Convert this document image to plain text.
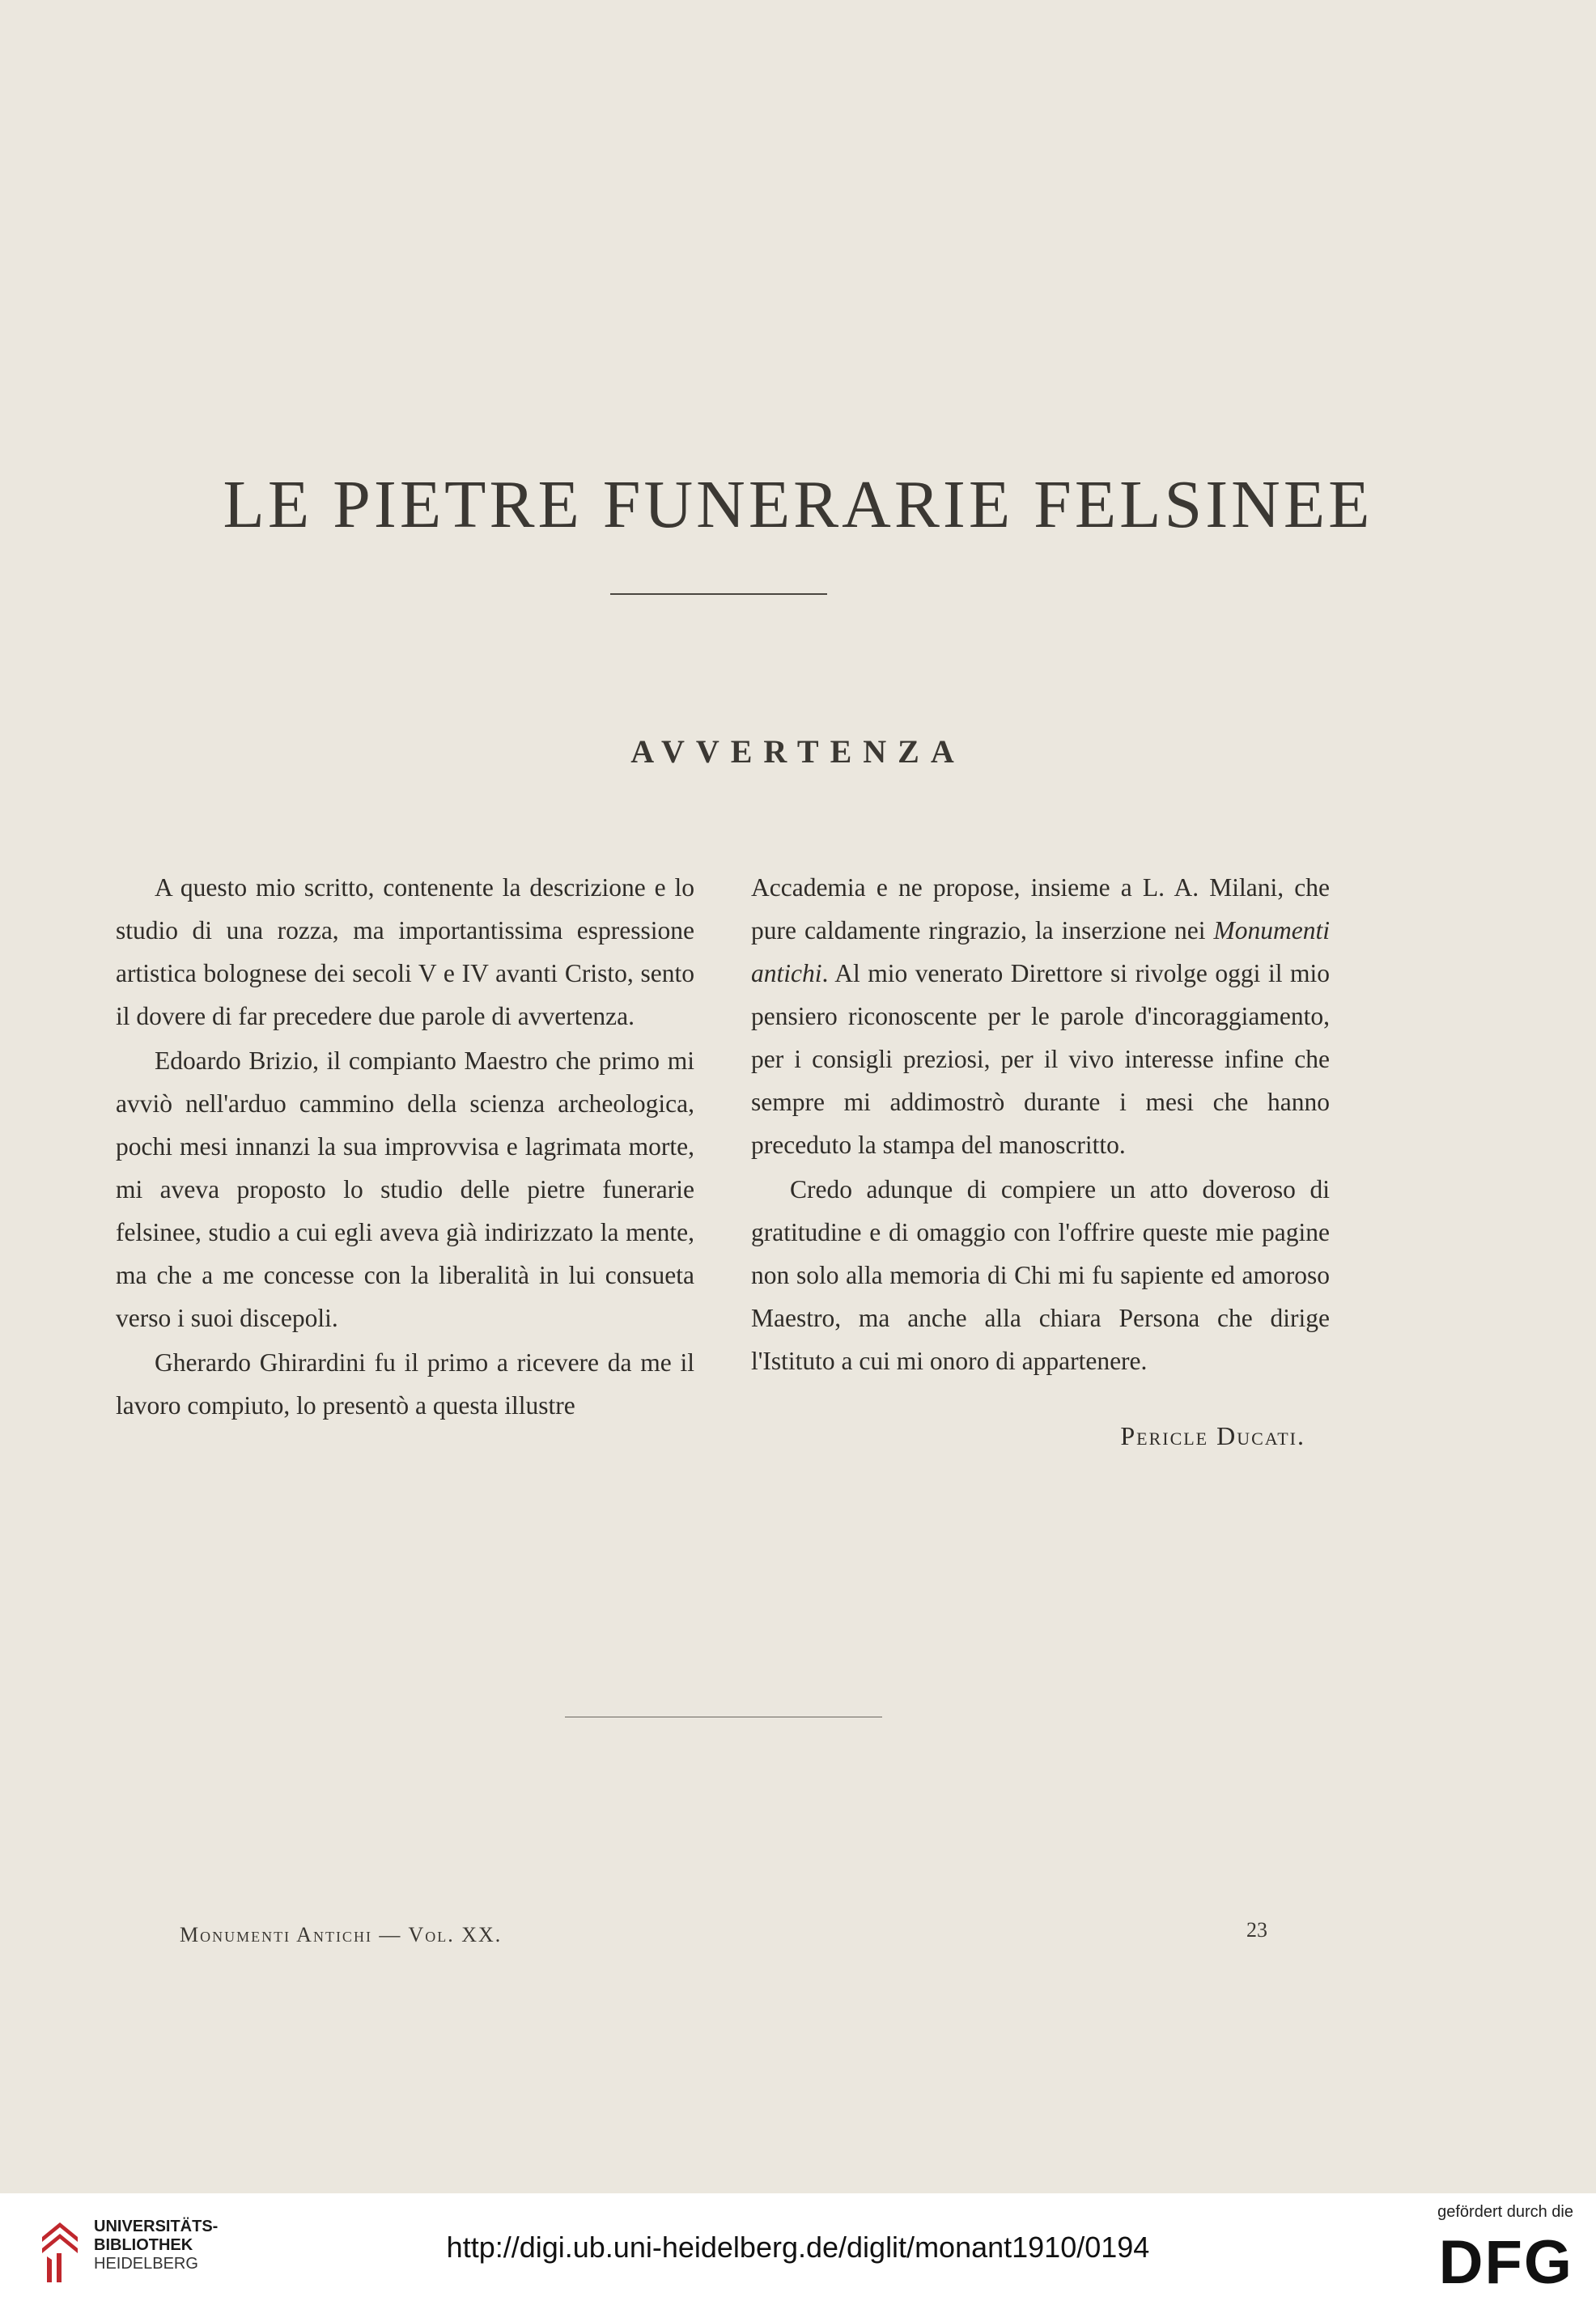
LE PIETRE FUNERARIE FELSINEE
AVVERTENZA

A questo mio scritto, contenente la descrizione e lo studio di una rozza, ma importantissima espressione artistica bolognese dei secoli V e IV avanti Cristo, sento il dovere di far precedere due parole di avvertenza.

Edoardo Brizio, il compianto Maestro che primo mi avviò nell'arduo cammino della scienza archeologica, pochi mesi innanzi la sua improvvisa e lagrimata morte, mi aveva proposto lo studio delle pietre funerarie felsinee, studio a cui egli aveva già indirizzato la mente, ma che a me concesse con la liberalità in lui consueta verso i suoi discepoli.

Gherardo Ghirardini fu il primo a ricevere da me il lavoro compiuto, lo presentò a questa illustre

Accademia e ne propose, insieme a L. A. Milani, che pure caldamente ringrazio, la inserzione nei Monumenti antichi. Al mio venerato Direttore si rivolge oggi il mio pensiero riconoscente per le parole d'incoraggiamento, per i consigli preziosi, per il vivo interesse infine che sempre mi addimostrò durante i mesi che hanno preceduto la stampa del manoscritto.

Credo adunque di compiere un atto doveroso di gratitudine e di omaggio con l'offrire queste mie pagine non solo alla memoria di Chi mi fu sapiente ed amoroso Maestro, ma anche alla chiara Persona che dirige l'Istituto a cui mi onoro di appartenere.

Pericle Ducati.

Monumenti Antichi — Vol. XX.	23
UNIVERSITÄTS-
BIBLIOTHEK
HEIDELBERG	http://digi.ub.uni-heidelberg.de/diglit/monant1910/0194
gefördert durch die
DFG
